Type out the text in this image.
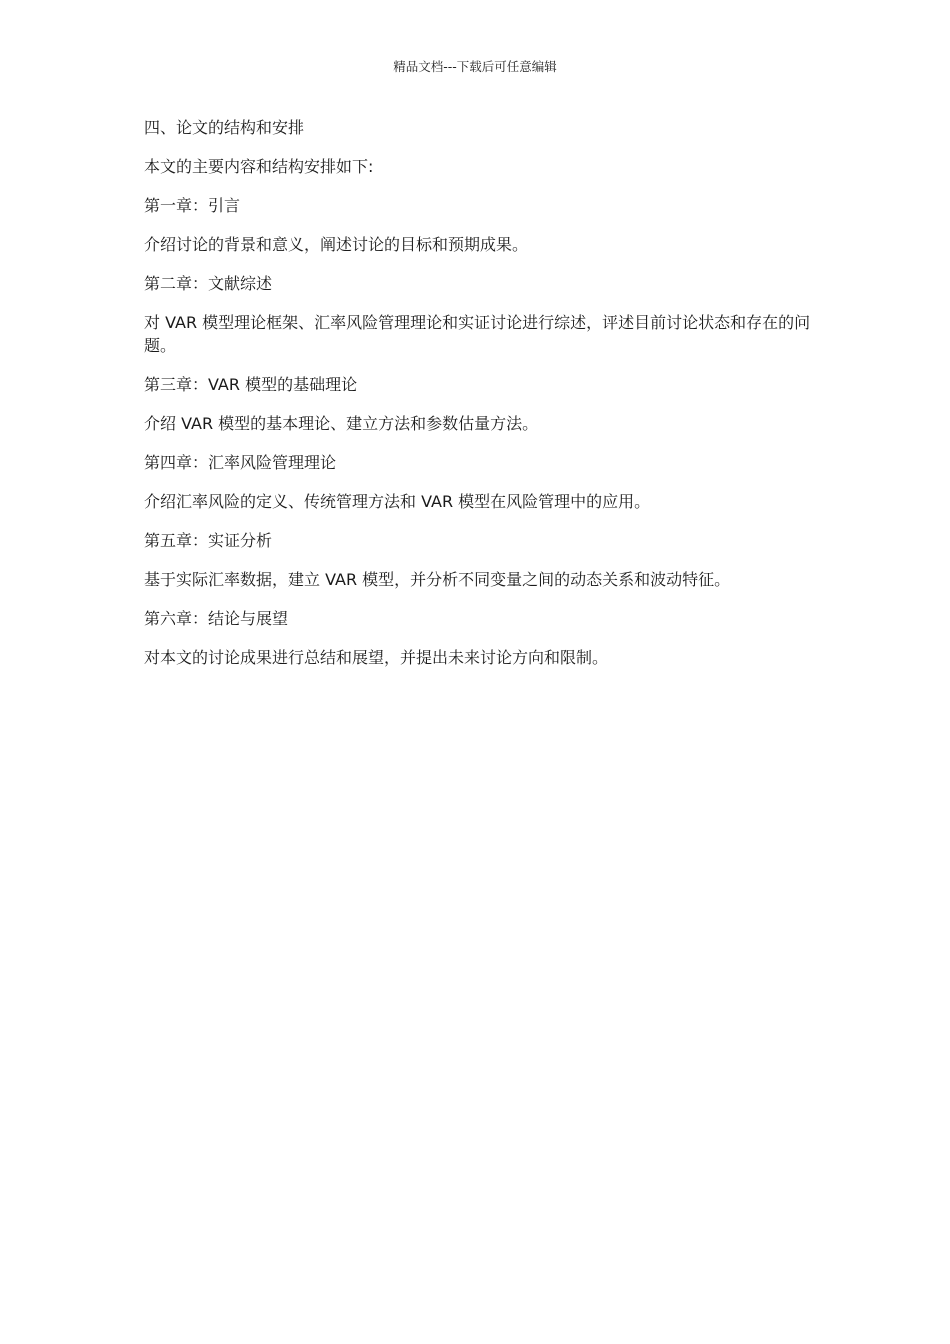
精品文档---下载后可任意编辑

四、论文的结构和安排

本文的主要内容和结构安排如下:

第一章：引言

介绍讨论的背景和意义，阐述讨论的目标和预期成果。

第二章：文献综述

对 VAR 模型理论框架、汇率风险管理理论和实证讨论进行综述，评述目前讨论状态和存在的问题。

第三章：VAR 模型的基础理论

介绍 VAR 模型的基本理论、建立方法和参数估量方法。

第四章：汇率风险管理理论

介绍汇率风险的定义、传统管理方法和 VAR 模型在风险管理中的应用。

第五章：实证分析

基于实际汇率数据，建立 VAR 模型，并分析不同变量之间的动态关系和波动特征。

第六章：结论与展望

对本文的讨论成果进行总结和展望，并提出未来讨论方向和限制。
